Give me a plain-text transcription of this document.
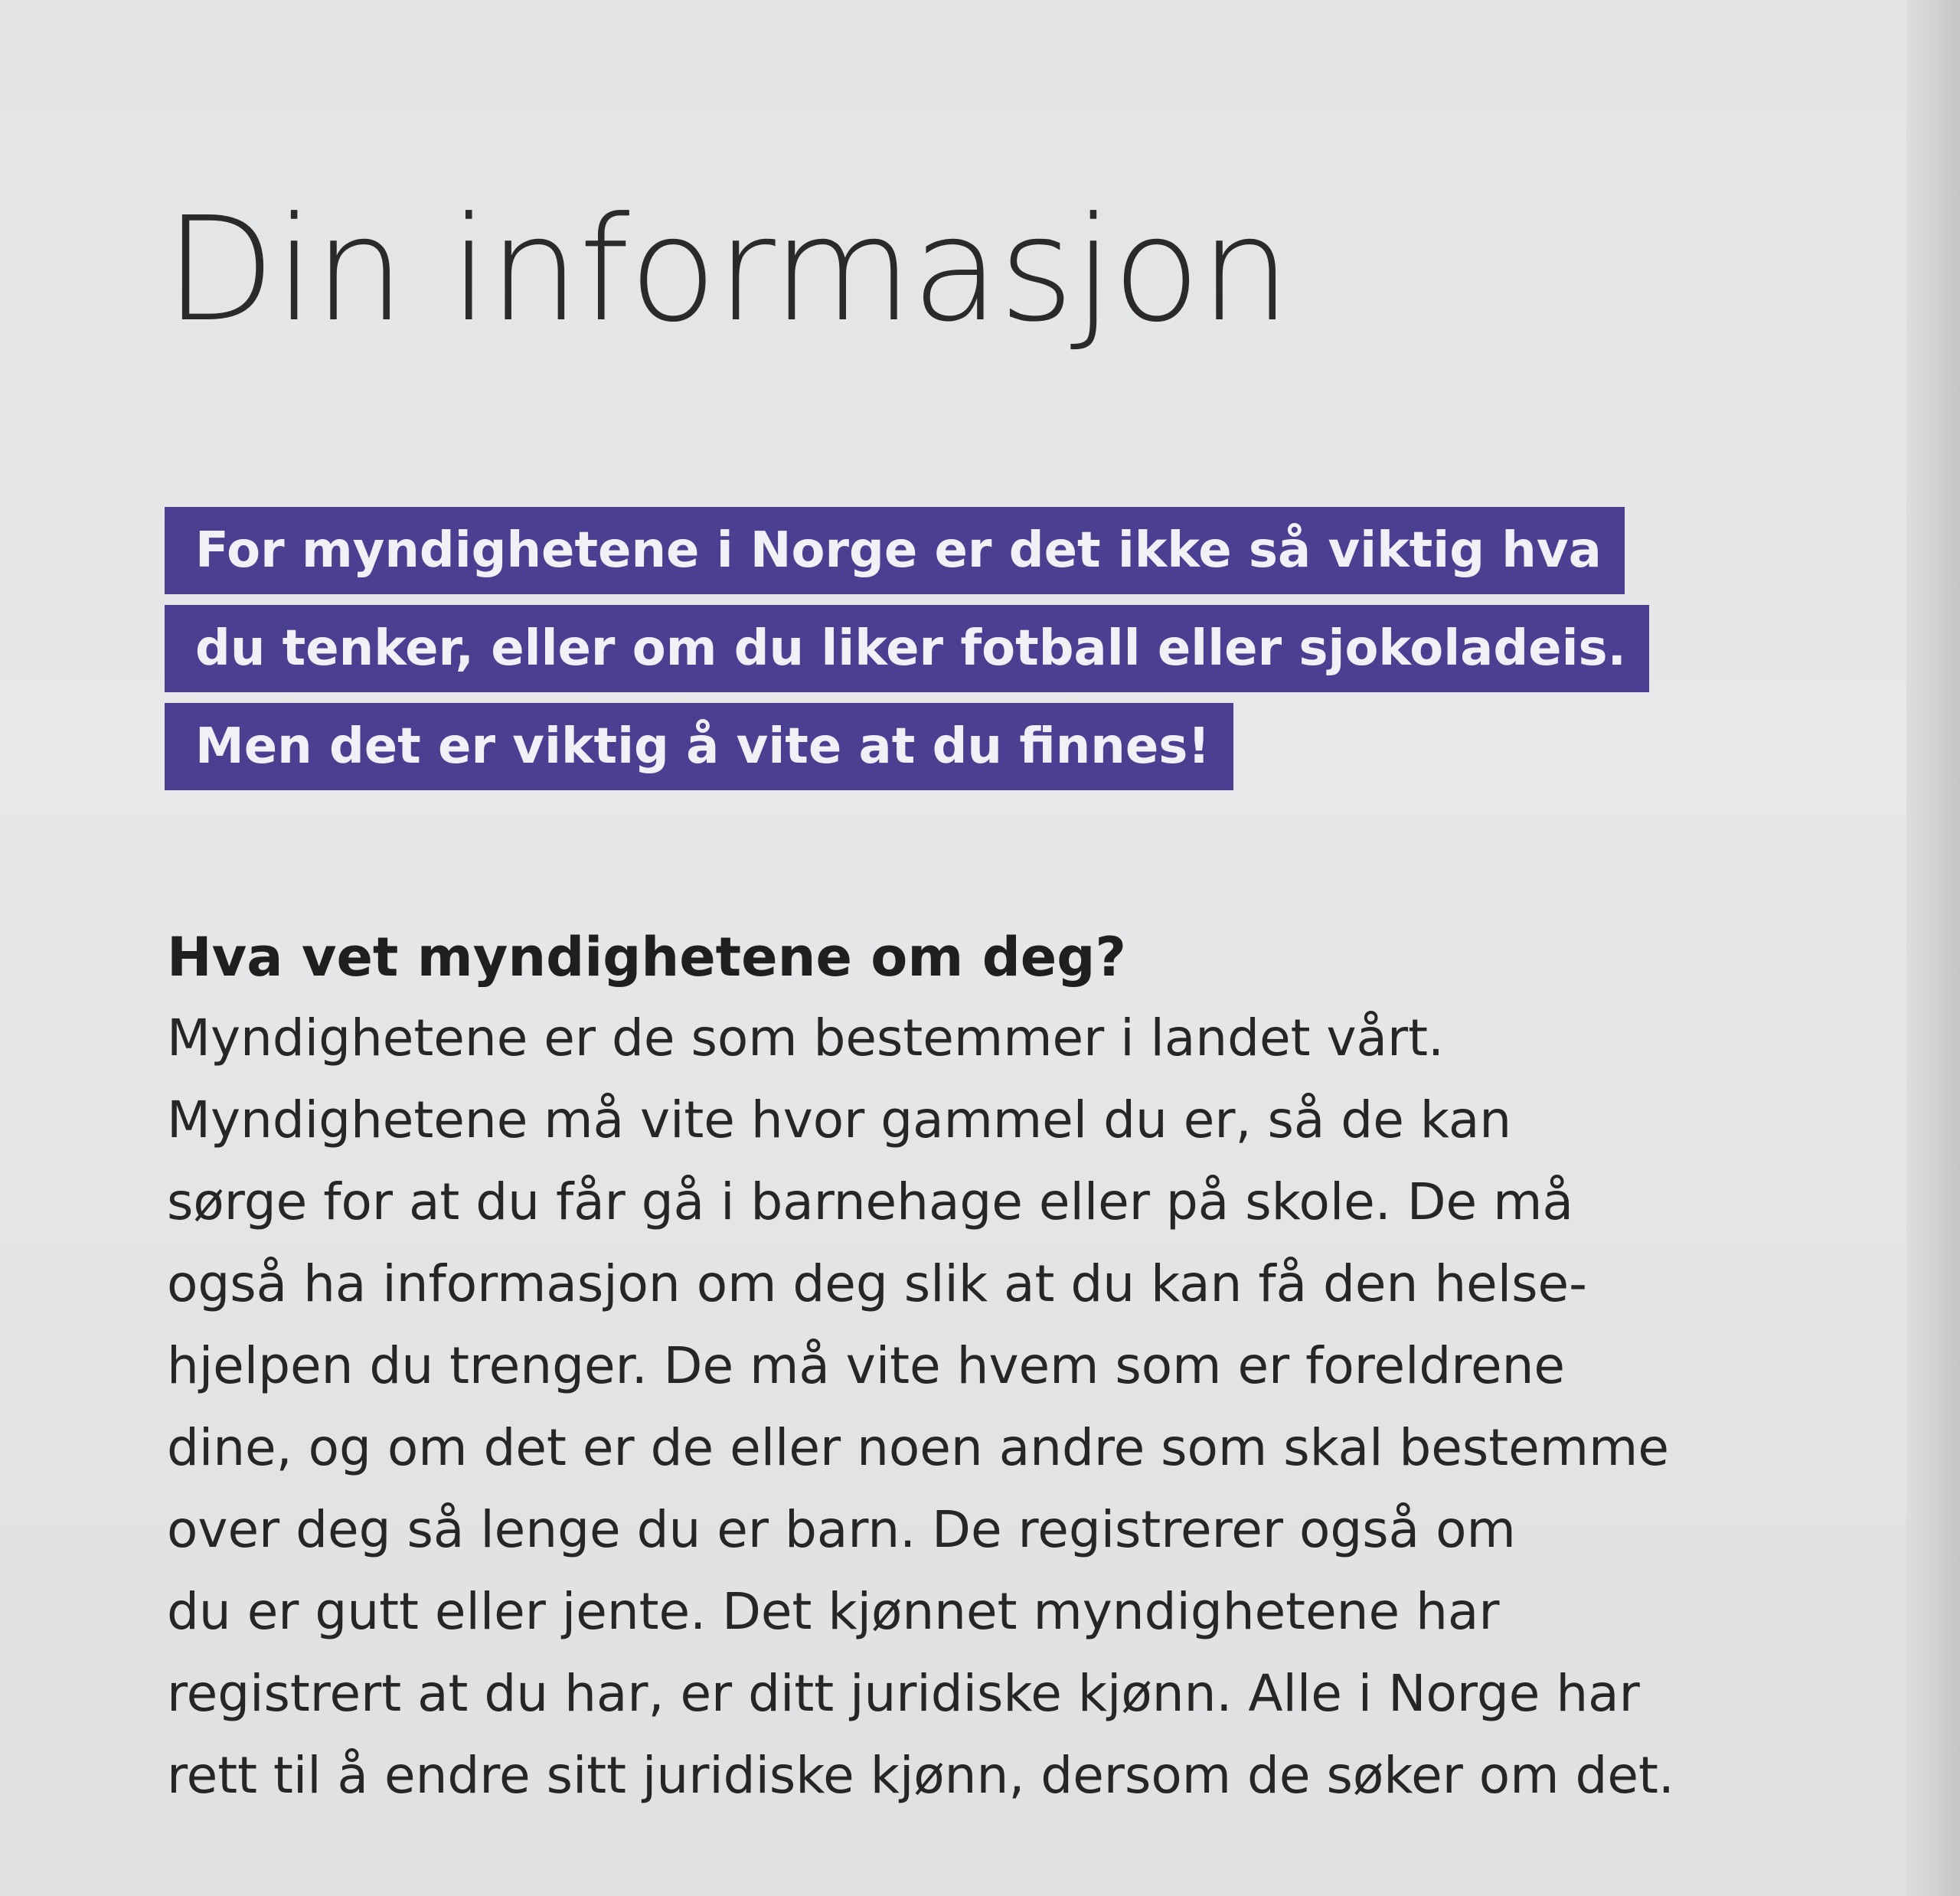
Din informasjon
For myndighetene i Norge er det ikke så viktig hva
du tenker, eller om du liker fotball eller sjokoladeis.
Men det er viktig å vite at du finnes!
Hva vet myndighetene om deg?

Myndighetene er de som bestemmer i landet vårt.
Myndighetene må vite hvor gammel du er, så de kan
sørge for at du får gå i barnehage eller på skole. De må
også ha informasjon om deg slik at du kan få den helse-
hjelpen du trenger. De må vite hvem som er foreldrene
dine, og om det er de eller noen andre som skal bestemme
over deg så lenge du er barn. De registrerer også om
du er gutt eller jente. Det kjønnet myndighetene har
registrert at du har, er ditt juridiske kjønn. Alle i Norge har
rett til å endre sitt juridiske kjønn, dersom de søker om det.
